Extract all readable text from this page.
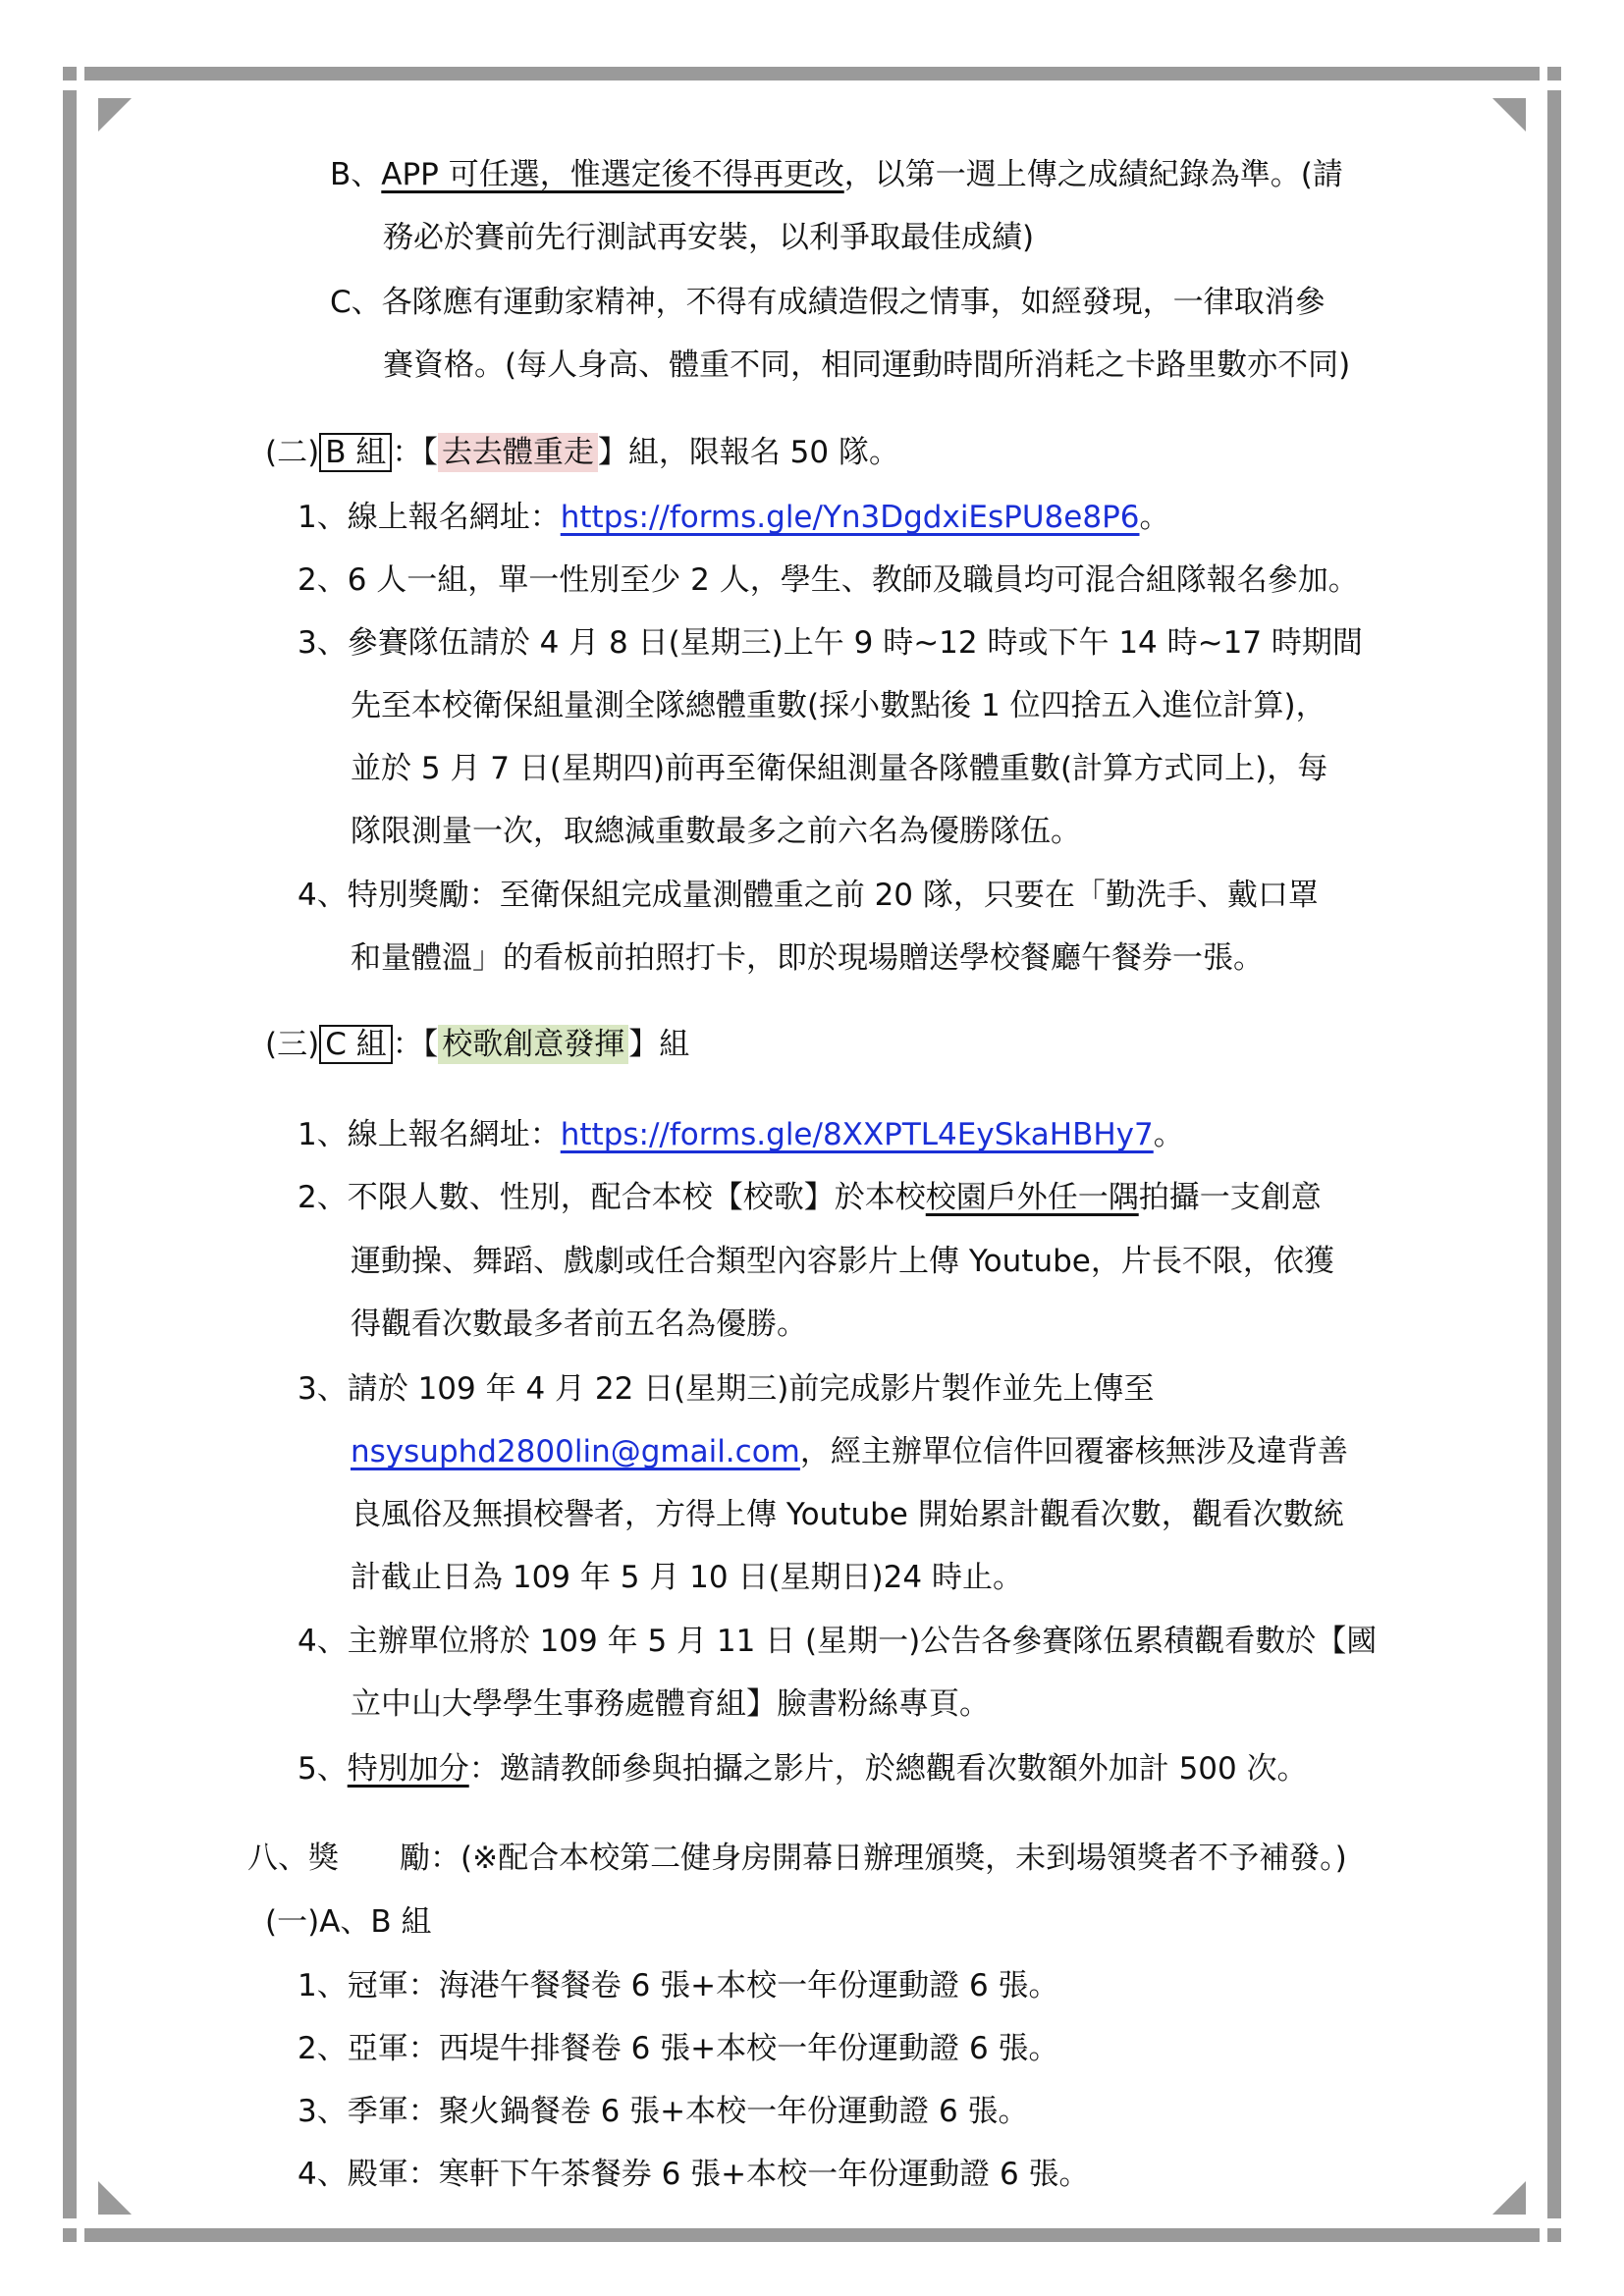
B、APP 可任選，惟選定後不得再更改，以第一週上傳之成績紀錄為準。(請
務必於賽前先行測試再安裝，以利爭取最佳成績)
C、各隊應有運動家精神，不得有成績造假之情事，如經發現，一律取消參
賽資格。(每人身高、體重不同，相同運動時間所消耗之卡路里數亦不同)
(二) B 組 ：【 去去體重走 】組，限報名 50 隊。
1、線上報名網址：https://forms.gle/Yn3DgdxiEsPU8e8P6。
2、6 人一組，單一性別至少 2 人，學生、教師及職員均可混合組隊報名參加。
3、參賽隊伍請於 4 月 8 日(星期三)上午 9 時~12 時或下午 14 時~17 時期間
先至本校衛保組量測全隊總體重數(採小數點後 1 位四捨五入進位計算)，
並於 5 月 7 日(星期四)前再至衛保組測量各隊體重數(計算方式同上)，每
隊限測量一次，取總減重數最多之前六名為優勝隊伍。
4、特別獎勵：至衛保組完成量測體重之前 20 隊，只要在「勤洗手、戴口罩
和量體溫」的看板前拍照打卡，即於現場贈送學校餐廳午餐券一張。
(三) C 組 ：【 校歌創意發揮 】組
1、線上報名網址：https://forms.gle/8XXPTL4EySkaHBHy7。
2、不限人數、性別，配合本校【校歌】於本校校園戶外任一隅拍攝一支創意
運動操、舞蹈、戲劇或任合類型內容影片上傳 Youtube，片長不限，依獲
得觀看次數最多者前五名為優勝。
3、請於 109 年 4 月 22 日(星期三)前完成影片製作並先上傳至
nsysuphd2800lin@gmail.com，經主辦單位信件回覆審核無涉及違背善
良風俗及無損校譽者，方得上傳 Youtube 開始累計觀看次數，觀看次數統
計截止日為 109 年 5 月 10 日(星期日)24 時止。
4、主辦單位將於 109 年 5 月 11 日 (星期一)公告各參賽隊伍累積觀看數於【國
立中山大學學生事務處體育組】臉書粉絲專頁。
5、特別加分：邀請教師參與拍攝之影片，於總觀看次數額外加計 500 次。
八、獎　　勵：(※配合本校第二健身房開幕日辦理頒獎，未到場領獎者不予補發。)
(一)A、B 組
1、冠軍：海港午餐餐卷 6 張+本校一年份運動證 6 張。
2、亞軍：西堤牛排餐卷 6 張+本校一年份運動證 6 張。
3、季軍：聚火鍋餐卷 6 張+本校一年份運動證 6 張。
4、殿軍：寒軒下午茶餐券 6 張+本校一年份運動證 6 張。
